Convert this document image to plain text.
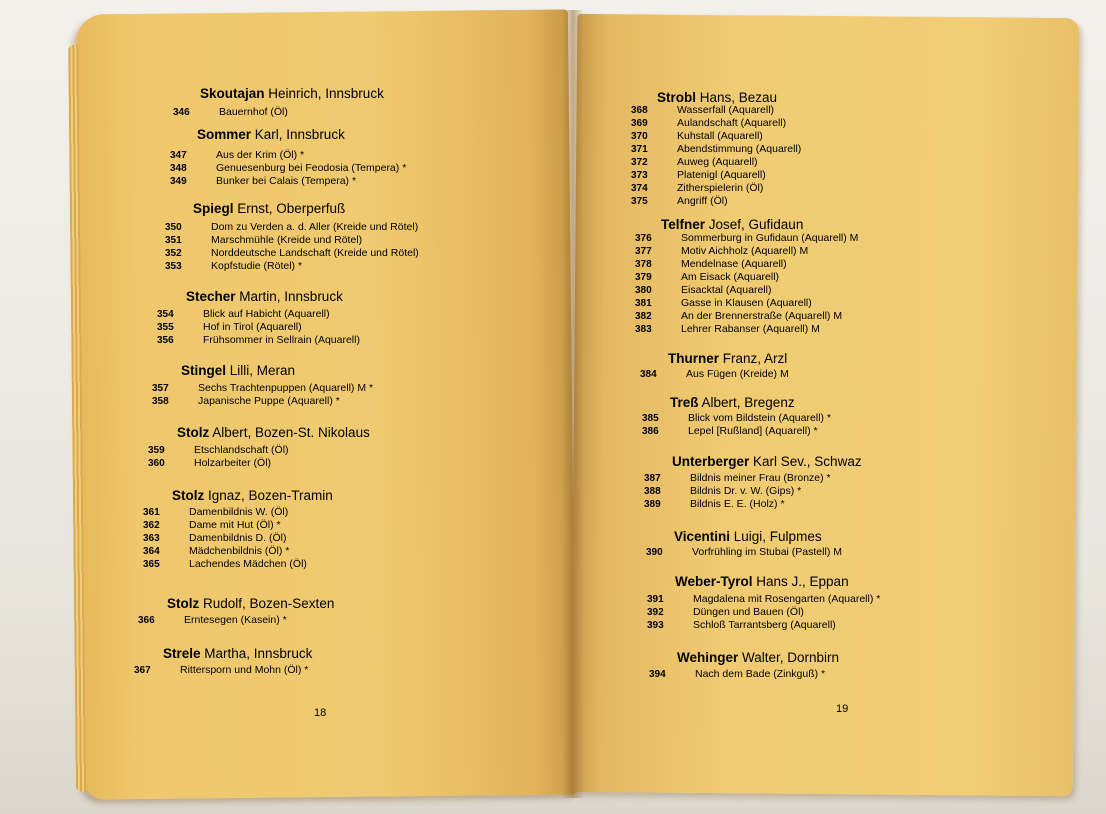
Skoutajan Heinrich, Innsbruck
346	Bauernhof (Öl)
Sommer Karl, Innsbruck
347	Aus der Krim (Öl) *
348	Genuesenburg bei Feodosia (Tempera) *
349	Bunker bei Calais (Tempera) *
Spiegl Ernst, Oberperfuß
350	Dom zu Verden a. d. Aller (Kreide und Rötel)
351	Marschmühle (Kreide und Rötel)
352	Norddeutsche Landschaft (Kreide und Rötel)
353	Kopfstudie (Rötel) *
Stecher Martin, Innsbruck
354	Blick auf Habicht (Aquarell)
355	Hof in Tirol (Aquarell)
356	Frühsommer in Sellrain (Aquarell)
Stingel Lilli, Meran
357	Sechs Trachtenpuppen (Aquarell) M *
358	Japanische Puppe (Aquarell) *
Stolz Albert, Bozen-St. Nikolaus
359	Etschlandschaft (Öl)
360	Holzarbeiter (Öl)
Stolz Ignaz, Bozen-Tramin
361	Damenbildnis W. (Öl)
362	Dame mit Hut (Öl) *
363	Damenbildnis D. (Öl)
364	Mädchenbildnis (Öl) *
365	Lachendes Mädchen (Öl)
Stolz Rudolf, Bozen-Sexten
366	Erntesegen (Kasein) *
Strele Martha, Innsbruck
367	Rittersporn und Mohn (Öl) *
Strobl Hans, Bezau
368	Wasserfall (Aquarell)
369	Aulandschaft (Aquarell)
370	Kuhstall (Aquarell)
371	Abendstimmung (Aquarell)
372	Auweg (Aquarell)
373	Platenigl (Aquarell)
374	Zitherspielerin (Öl)
375	Angriff (Öl)
Telfner Josef, Gufidaun
376	Sommerburg in Gufidaun (Aquarell) M
377	Motiv Aichholz (Aquarell) M
378	Mendelnase (Aquarell)
379	Am Eisack (Aquarell)
380	Eisacktal (Aquarell)
381	Gasse in Klausen (Aquarell)
382	An der Brennerstraße (Aquarell) M
383	Lehrer Rabanser (Aquarell) M
Thurner Franz, Arzl
384	Aus Fügen (Kreide) M
Treß Albert, Bregenz
385	Blick vom Bildstein (Aquarell) *
386	Lepel [Rußland] (Aquarell) *
Unterberger Karl Sev., Schwaz
387	Bildnis meiner Frau (Bronze) *
388	Bildnis Dr. v. W. (Gips) *
389	Bildnis E. E. (Holz) *
Vicentini Luigi, Fulpmes
390	Vorfrühling im Stubai (Pastell) M
Weber-Tyrol Hans J., Eppan
391	Magdalena mit Rosengarten (Aquarell) *
392	Düngen und Bauen (Öl)
393	Schloß Tarrantsberg (Aquarell)
Wehinger Walter, Dornbirn
394	Nach dem Bade (Zinkguß) *
18	19
